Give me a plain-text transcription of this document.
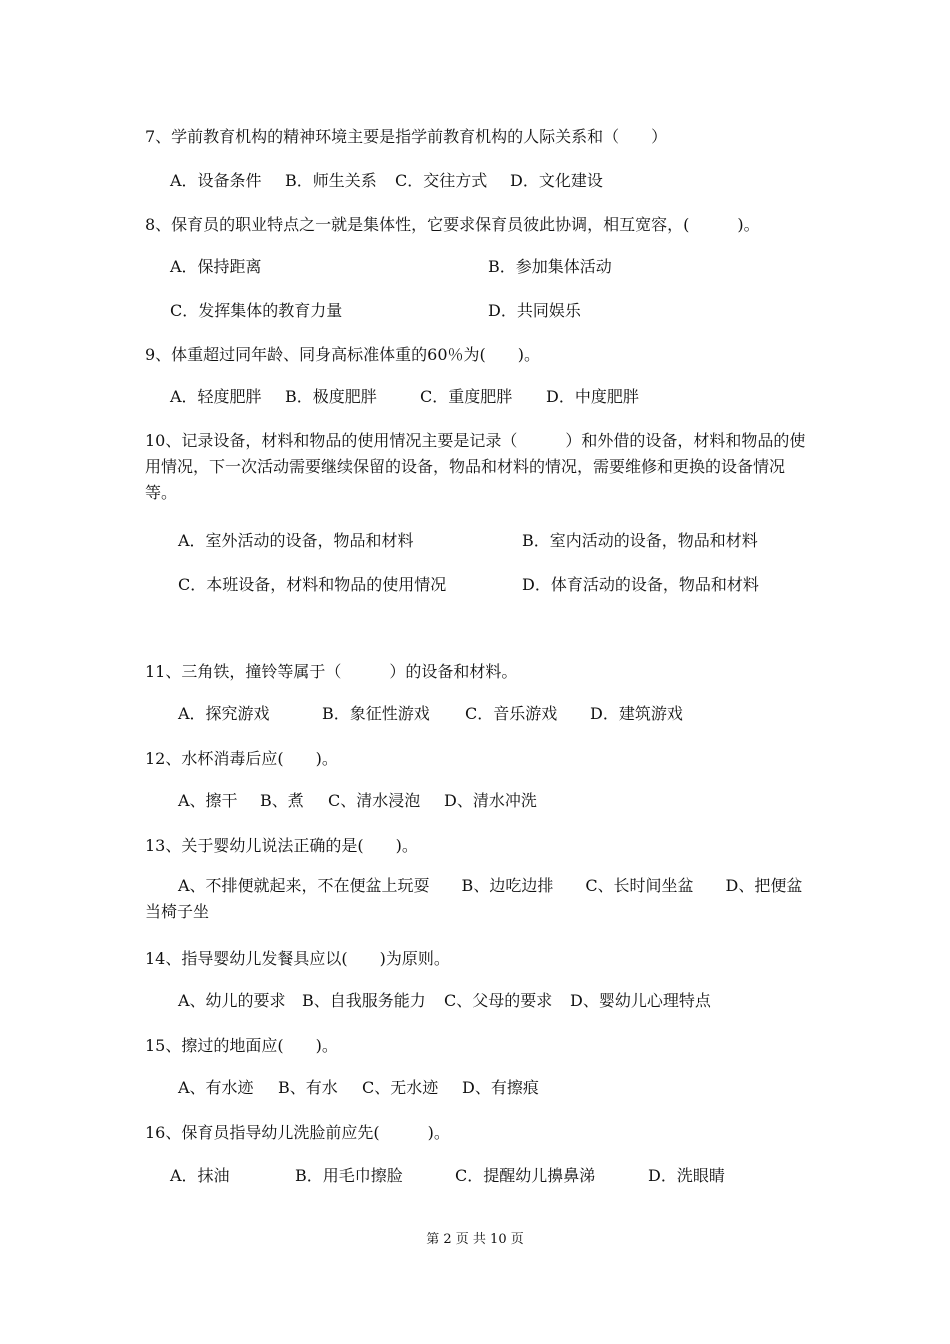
7、学前教育机构的精神环境主要是指学前教育机构的人际关系和（　　）
A．设备条件 B．师生关系 C．交往方式 D．文化建设
8、保育员的职业特点之一就是集体性，它要求保育员彼此协调，相互宽容，(　　　)。
A．保持距离	B．参加集体活动
C．发挥集体的教育力量	D．共同娱乐
9、体重超过同年龄、同身高标准体重的60％为(　　)。
A．轻度肥胖 B．极度肥胖	C．重度肥胖 D．中度肥胖
10、记录设备，材料和物品的使用情况主要是记录（　　　）和外借的设备，材料和物品的使用情况，下一次活动需要继续保留的设备，物品和材料的情况，需要维修和更换的设备情况等。
A．室外活动的设备，物品和材料	B．室内活动的设备，物品和材料
C．本班设备，材料和物品的使用情况	D．体育活动的设备，物品和材料
11、三角铁，撞铃等属于（　　　）的设备和材料。
A．探究游戏	B．象征性游戏 C．音乐游戏 D．建筑游戏
12、水杯消毒后应(　　)。
A、擦干 B、煮 C、清水浸泡 D、清水冲洗
13、关于婴幼儿说法正确的是(　　)。
A、不排便就起来，不在便盆上玩耍　　B、边吃边排　　C、长时间坐盆　　D、把便盆当椅子坐
14、指导婴幼儿发餐具应以(　　)为原则。
A、幼儿的要求 B、自我服务能力 C、父母的要求 D、婴幼儿心理特点
15、擦过的地面应(　　)。
A、有水迹 B、有水 C、无水迹 D、有擦痕
16、保育员指导幼儿洗脸前应先(　　　)。
A．抹油	B．用毛巾擦脸	C．提醒幼儿擤鼻涕	D．洗眼睛
第 2 页 共 10 页
